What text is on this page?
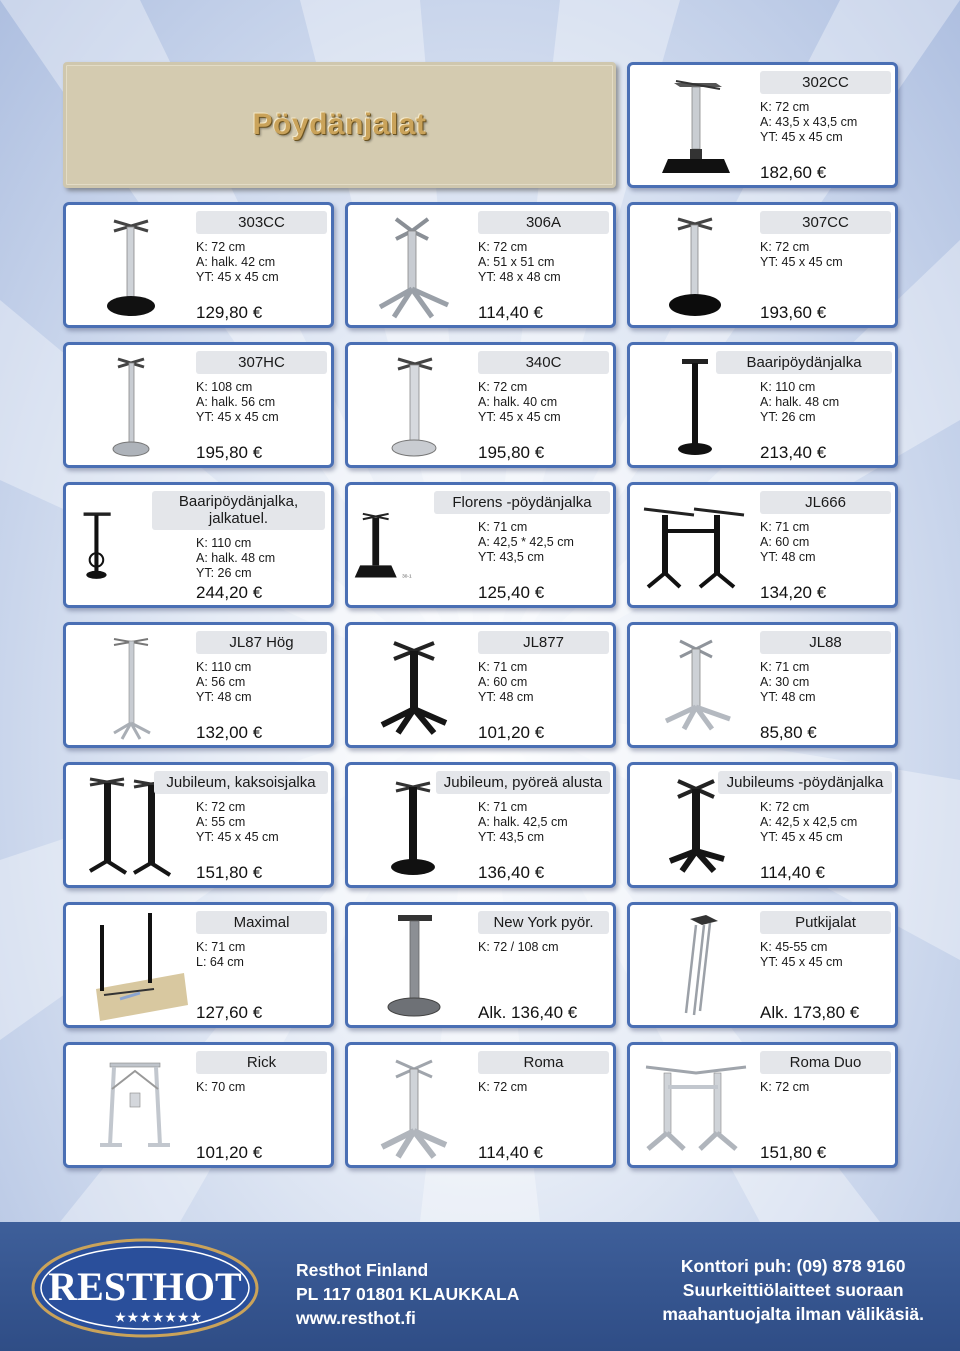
Pöydänjalat
302CC
K: 72 cm
A: 43,5 x 43,5 cm
YT: 45 x 45 cm
182,60 €
303CC
K: 72 cm
A: halk. 42 cm
YT: 45 x 45 cm
129,80 €
306A
K: 72 cm
A: 51 x 51 cm
YT: 48 x 48 cm
114,40 €
307CC
K: 72 cm
YT: 45 x 45 cm
193,60 €
307HC
K: 108 cm
A: halk. 56 cm
YT: 45 x 45 cm
195,80 €
340C
K: 72 cm
A: halk. 40 cm
YT: 45 x 45 cm
195,80 €
Baaripöydänjalka
K: 110 cm
A: halk. 48 cm
YT: 26 cm
213,40 €
Baaripöydänjalka, jalkatuel.
K: 110 cm
A: halk. 48 cm
YT: 26 cm
244,20 €
30-1
Florens -pöydänjalka
K: 71 cm
A: 42,5 * 42,5 cm
YT: 43,5 cm
125,40 €
JL666
K: 71 cm
A: 60 cm
YT: 48 cm
134,20 €
JL87 Hög
K: 110 cm
A: 56 cm
YT: 48 cm
132,00 €
JL877
K: 71 cm
A: 60 cm
YT: 48 cm
101,20 €
JL88
K: 71 cm
A: 30 cm
YT: 48 cm
85,80 €
Jubileum, kaksoisjalka
K: 72 cm
A: 55 cm
YT: 45 x 45 cm
151,80 €
Jubileum, pyöreä alusta
K: 71 cm
A: halk. 42,5 cm
YT: 43,5 cm
136,40 €
Jubileums -pöydänjalka
K: 72 cm
A: 42,5 x 42,5 cm
YT: 45 x 45 cm
114,40 €
Maximal
K: 71 cm
L: 64 cm
127,60 €
New York pyör.
K: 72 / 108 cm
Alk. 136,40 €
Putkijalat
K: 45-55 cm
YT: 45 x 45 cm
Alk. 173,80 €
Rick
K: 70 cm
101,20 €
Roma
K: 72 cm
114,40 €
Roma Duo
K: 72 cm
151,80 €
RESTHOT
★★★★★★★
Resthot Finland
PL 117 01801 KLAUKKALA
www.resthot.fi
Konttori puh: (09) 878 9160
Suurkeittiölaitteet suoraan
maahantuojalta ilman välikäsiä.
